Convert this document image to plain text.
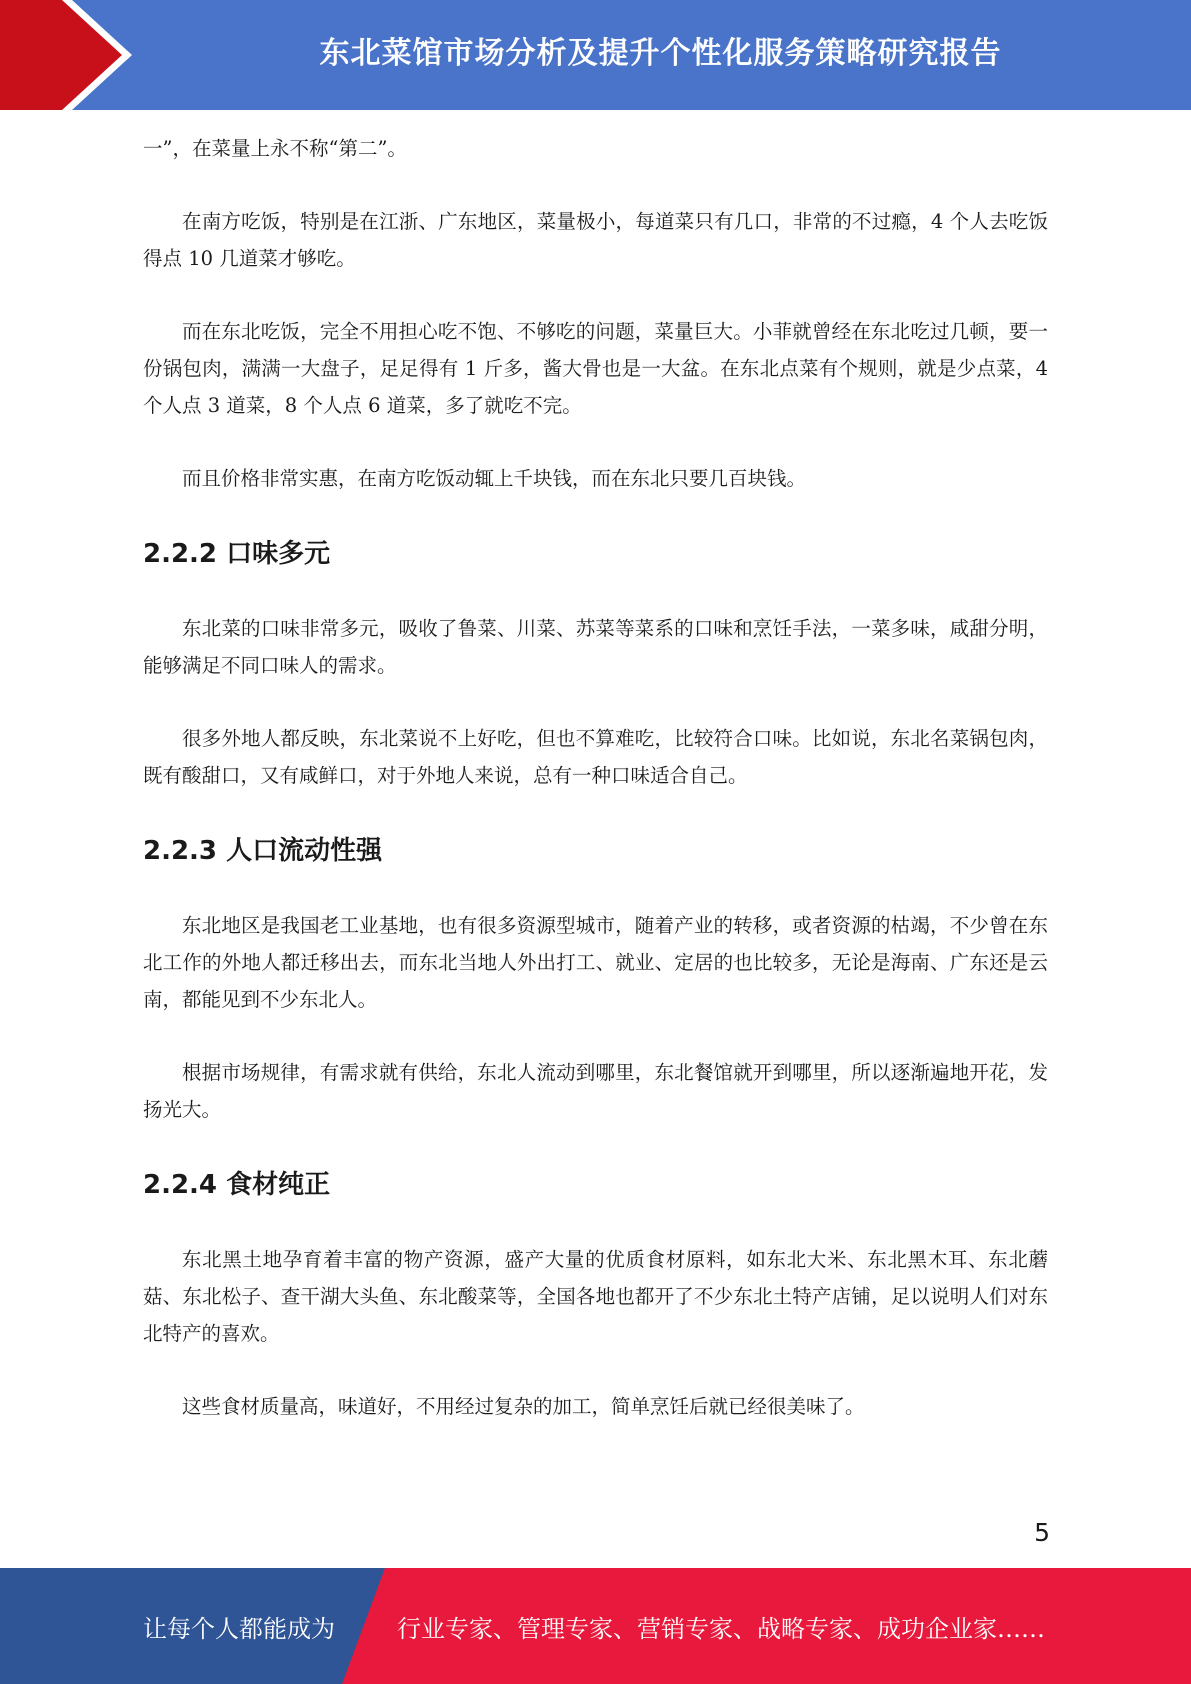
东北菜馆市场分析及提升个性化服务策略研究报告

一”，在菜量上永不称“第二”。

在南方吃饭，特别是在江浙、广东地区，菜量极小，每道菜只有几口，非常的不过瘾，4 个人去吃饭得点 10 几道菜才够吃。

而在东北吃饭，完全不用担心吃不饱、不够吃的问题，菜量巨大。小菲就曾经在东北吃过几顿，要一份锅包肉，满满一大盘子，足足得有 1 斤多，酱大骨也是一大盆。在东北点菜有个规则，就是少点菜，4 个人点 3 道菜，8 个人点 6 道菜，多了就吃不完。

而且价格非常实惠，在南方吃饭动辄上千块钱，而在东北只要几百块钱。

2.2.2 口味多元

东北菜的口味非常多元，吸收了鲁菜、川菜、苏菜等菜系的口味和烹饪手法，一菜多味，咸甜分明，能够满足不同口味人的需求。

很多外地人都反映，东北菜说不上好吃，但也不算难吃，比较符合口味。比如说，东北名菜锅包肉，既有酸甜口，又有咸鲜口，对于外地人来说，总有一种口味适合自己。

2.2.3 人口流动性强

东北地区是我国老工业基地，也有很多资源型城市，随着产业的转移，或者资源的枯竭，不少曾在东北工作的外地人都迁移出去，而东北当地人外出打工、就业、定居的也比较多，无论是海南、广东还是云南，都能见到不少东北人。

根据市场规律，有需求就有供给，东北人流动到哪里，东北餐馆就开到哪里，所以逐渐遍地开花，发扬光大。

2.2.4 食材纯正

东北黑土地孕育着丰富的物产资源，盛产大量的优质食材原料，如东北大米、东北黑木耳、东北蘑菇、东北松子、查干湖大头鱼、东北酸菜等，全国各地也都开了不少东北土特产店铺，足以说明人们对东北特产的喜欢。

这些食材质量高，味道好，不用经过复杂的加工，简单烹饪后就已经很美味了。

5
让每个人都能成为	行业专家、管理专家、营销专家、战略专家、成功企业家……
